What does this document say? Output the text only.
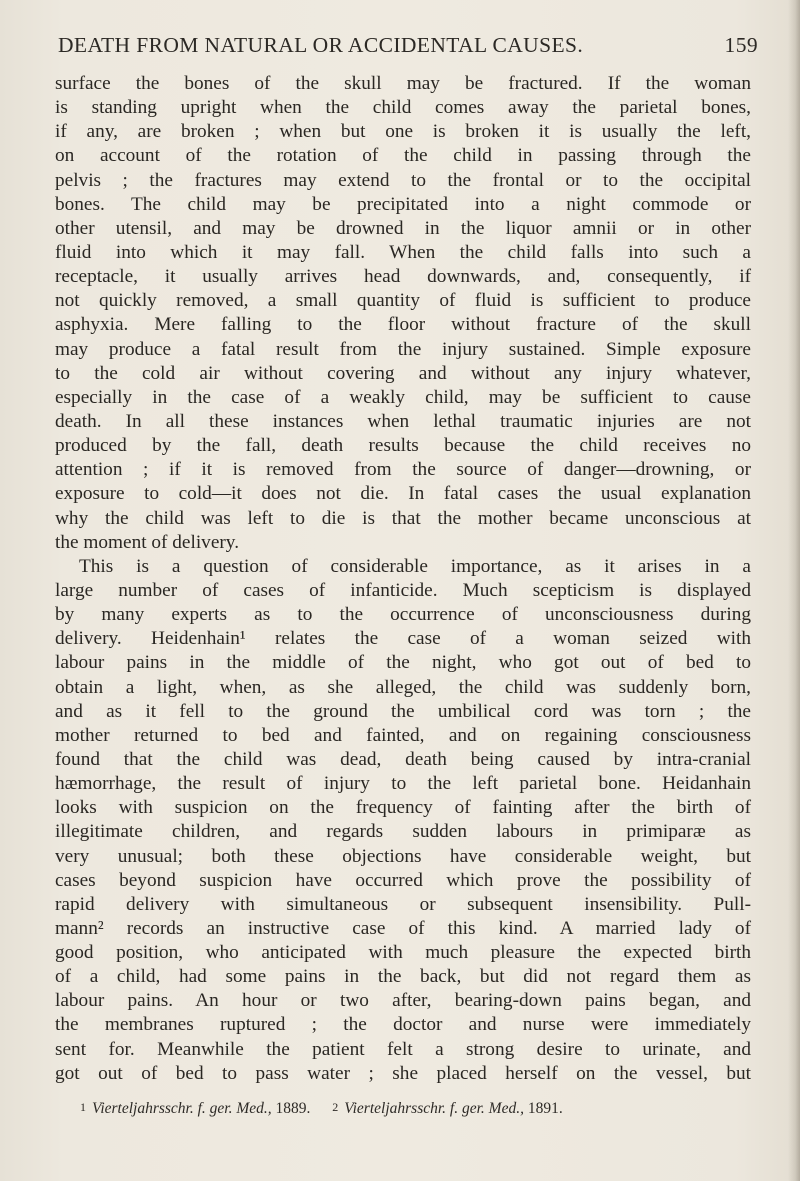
DEATH FROM NATURAL OR ACCIDENTAL CAUSES.	159
surface the bones of the skull may be fractured. If the woman
is standing upright when the child comes away the parietal bones,
if any, are broken ; when but one is broken it is usually the left,
on account of the rotation of the child in passing through the
pelvis ; the fractures may extend to the frontal or to the occipital
bones. The child may be precipitated into a night commode or
other utensil, and may be drowned in the liquor amnii or in other
fluid into which it may fall. When the child falls into such a
receptacle, it usually arrives head downwards, and, consequently, if
not quickly removed, a small quantity of fluid is sufficient to produce
asphyxia. Mere falling to the floor without fracture of the skull
may produce a fatal result from the injury sustained. Simple exposure
to the cold air without covering and without any injury whatever,
especially in the case of a weakly child, may be sufficient to cause
death. In all these instances when lethal traumatic injuries are not
produced by the fall, death results because the child receives no
attention ; if it is removed from the source of danger—drowning, or
exposure to cold—it does not die. In fatal cases the usual explanation
why the child was left to die is that the mother became unconscious at
the moment of delivery.
This is a question of considerable importance, as it arises in a
large number of cases of infanticide. Much scepticism is displayed
by many experts as to the occurrence of unconsciousness during
delivery. Heidenhain¹ relates the case of a woman seized with
labour pains in the middle of the night, who got out of bed to
obtain a light, when, as she alleged, the child was suddenly born,
and as it fell to the ground the umbilical cord was torn ; the
mother returned to bed and fainted, and on regaining consciousness
found that the child was dead, death being caused by intra-cranial
hæmorrhage, the result of injury to the left parietal bone. Heidanhain
looks with suspicion on the frequency of fainting after the birth of
illegitimate children, and regards sudden labours in primiparæ as
very unusual; both these objections have considerable weight, but
cases beyond suspicion have occurred which prove the possibility of
rapid delivery with simultaneous or subsequent insensibility. Pull-
mann² records an instructive case of this kind. A married lady of
good position, who anticipated with much pleasure the expected birth
of a child, had some pains in the back, but did not regard them as
labour pains. An hour or two after, bearing-down pains began, and
the membranes ruptured ; the doctor and nurse were immediately
sent for. Meanwhile the patient felt a strong desire to urinate, and
got out of bed to pass water ; she placed herself on the vessel, but
1 Vierteljahrsschr. f. ger. Med., 1889. 2 Vierteljahrsschr. f. ger. Med., 1891.
